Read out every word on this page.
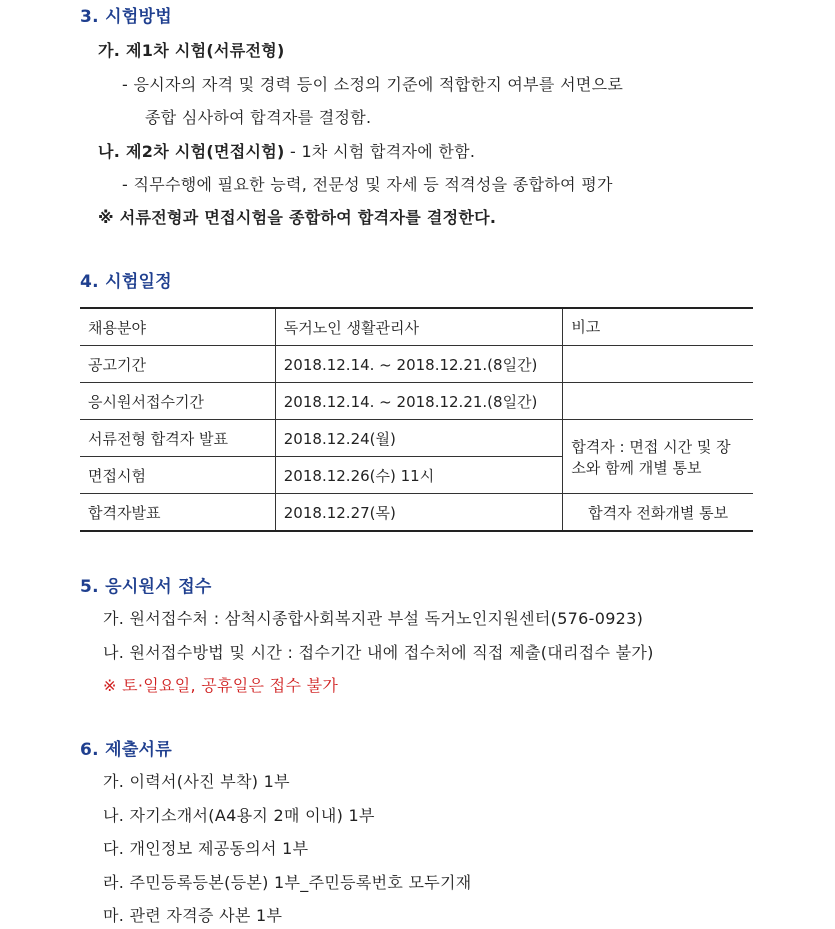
3. 시험방법
가. 제1차 시험(서류전형)
- 응시자의 자격 및 경력 등이 소정의 기준에 적합한지 여부를 서면으로
종합 심사하여 합격자를 결정함.
나. 제2차 시험(면접시험) - 1차 시험 합격자에 한함.
- 직무수행에 필요한 능력, 전문성 및 자세 등 적격성을 종합하여 평가
※ 서류전형과 면접시험을 종합하여 합격자를 결정한다.
4. 시험일정
채용분야	독거노인 생활관리사	비고
공고기간	2018.12.14. ~ 2018.12.21.(8일간)	
응시원서접수기간	2018.12.14. ~ 2018.12.21.(8일간)	
서류전형 합격자 발표	2018.12.24(월)	합격자 : 면접 시간 및 장소와 함께 개별 통보
면접시험	2018.12.26(수) 11시	
합격자발표	2018.12.27(목)	합격자 전화개별 통보
5. 응시원서 접수
가. 원서접수처 : 삼척시종합사회복지관 부설 독거노인지원센터(576-0923)
나. 원서접수방법 및 시간 : 접수기간 내에 접수처에 직접 제출(대리접수 불가)
※ 토·일요일, 공휴일은 접수 불가
6. 제출서류
가. 이력서(사진 부착) 1부
나. 자기소개서(A4용지 2매 이내) 1부
다. 개인정보 제공동의서 1부
라. 주민등록등본(등본) 1부_주민등록번호 모두기재
마. 관련 자격증 사본 1부
